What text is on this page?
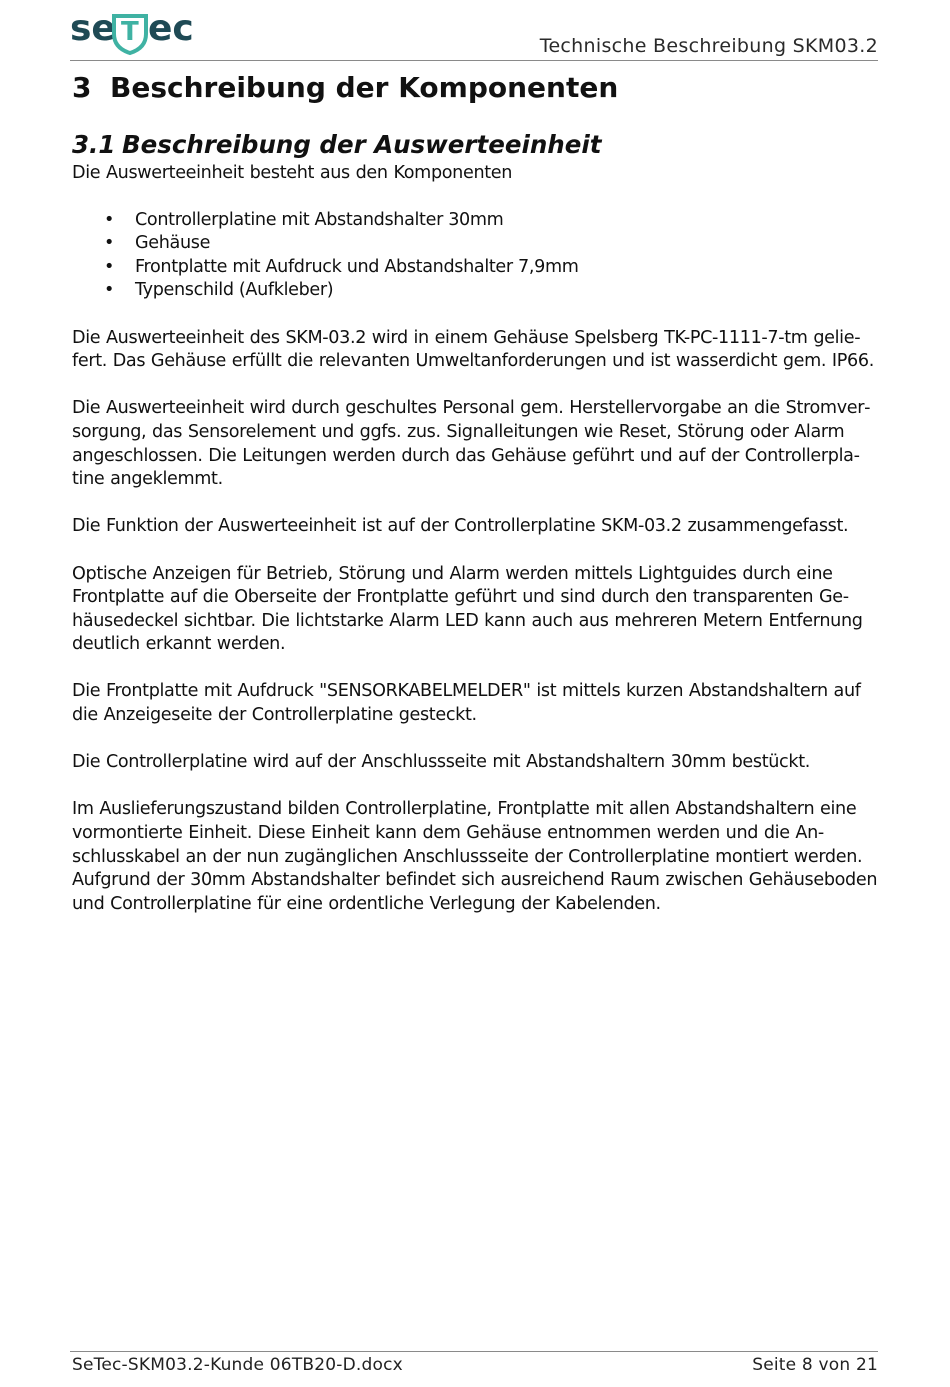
se T ec	Technische Beschreibung SKM03.2
3 Beschreibung der Komponenten
3.1 Beschreibung der Auswerteeinheit

Die Auswerteeinheit besteht aus den Komponenten

• Controllerplatine mit Abstandshalter 30mm
• Gehäuse
• Frontplatte mit Aufdruck und Abstandshalter 7,9mm
• Typenschild (Aufkleber)

Die Auswerteeinheit des SKM-03.2 wird in einem Gehäuse Spelsberg TK-PC-1111-7-tm geliefert. Das Gehäuse erfüllt die relevanten Umweltanforderungen und ist wasserdicht gem. IP66.

Die Auswerteeinheit wird durch geschultes Personal gem. Herstellervorgabe an die Stromversorgung, das Sensorelement und ggfs. zus. Signalleitungen wie Reset, Störung oder Alarm angeschlossen. Die Leitungen werden durch das Gehäuse geführt und auf der Controllerplatine angeklemmt.

Die Funktion der Auswerteeinheit ist auf der Controllerplatine SKM-03.2 zusammengefasst.

Optische Anzeigen für Betrieb, Störung und Alarm werden mittels Lightguides durch eine Frontplatte auf die Oberseite der Frontplatte geführt und sind durch den transparenten Gehäusedeckel sichtbar. Die lichtstarke Alarm LED kann auch aus mehreren Metern Entfernung deutlich erkannt werden.

Die Frontplatte mit Aufdruck "SENSORKABELMELDER" ist mittels kurzen Abstandshaltern auf die Anzeigeseite der Controllerplatine gesteckt.

Die Controllerplatine wird auf der Anschlussseite mit Abstandshaltern 30mm bestückt.

Im Auslieferungszustand bilden Controllerplatine, Frontplatte mit allen Abstandshaltern eine vormontierte Einheit. Diese Einheit kann dem Gehäuse entnommen werden und die Anschlusskabel an der nun zugänglichen Anschlussseite der Controllerplatine montiert werden. Aufgrund der 30mm Abstandshalter befindet sich ausreichend Raum zwischen Gehäuseboden und Controllerplatine für eine ordentliche Verlegung der Kabelenden.

SeTec-SKM03.2-Kunde 06TB20-D.docx	Seite 8 von 21
